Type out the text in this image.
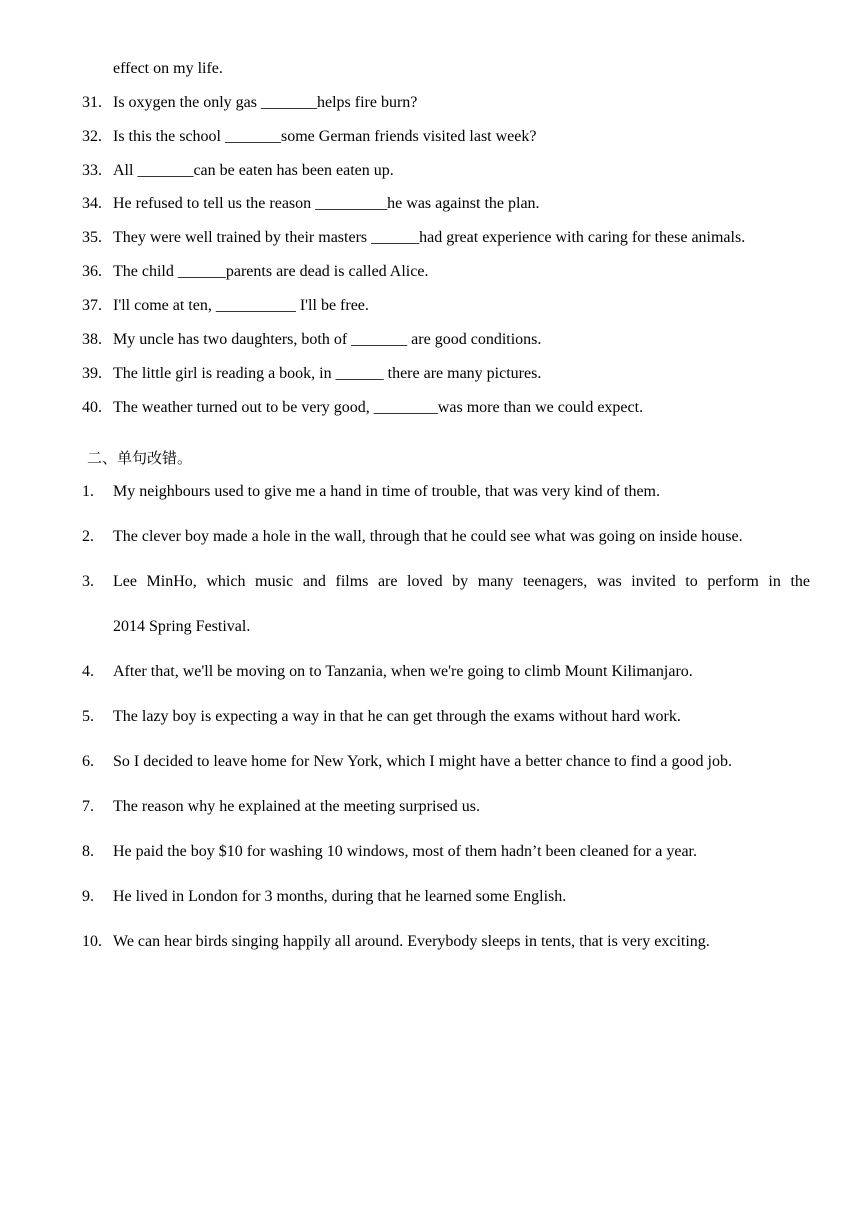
effect on my life.
31. Is oxygen the only gas _______helps fire burn?
32. Is this the school _______some German friends visited last week?
33. All _______can be eaten has been eaten up.
34. He refused to tell us the reason _________he was against the plan.
35. They were well trained by their masters ______had great experience with caring for these animals.
36. The child ______parents are dead is called Alice.
37. I'll come at ten, __________ I'll be free.
38. My uncle has two daughters, both of _______ are good conditions.
39. The little girl is reading a book, in ______ there are many pictures.
40. The weather turned out to be very good, ________was more than we could expect.
二、单句改错。
1. My neighbours used to give me a hand in time of trouble, that was very kind of them.
2. The clever boy made a hole in the wall, through that he could see what was going on inside house.
3.	Lee MinHo, which music and films are loved by many teenagers, was invited to perform in the
2014 Spring Festival.
4. After that, we'll be moving on to Tanzania, when we're going to climb Mount Kilimanjaro.
5. The lazy boy is expecting a way in that he can get through the exams without hard work.
6. So I decided to leave home for New York, which I might have a better chance to find a good job.
7. The reason why he explained at the meeting surprised us.
8. He paid the boy $10 for washing 10 windows, most of them hadn’t been cleaned for a year.
9. He lived in London for 3 months, during that he learned some English.
10. We can hear birds singing happily all around. Everybody sleeps in tents, that is very exciting.
